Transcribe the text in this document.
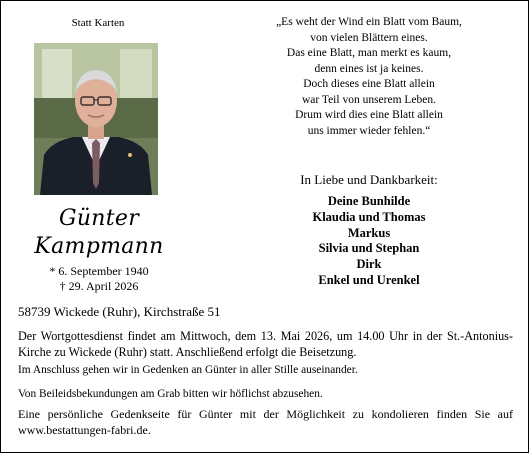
Statt Karten
Günter
Kampmann
* 6. September 1940
† 29. April 2026
„Es weht der Wind ein Blatt vom Baum,
von vielen Blättern eines.
Das eine Blatt, man merkt es kaum,
denn eines ist ja keines.
Doch dieses eine Blatt allein
war Teil von unserem Leben.
Drum wird dies eine Blatt allein
uns immer wieder fehlen.“
In Liebe und Dankbarkeit:
Deine Bunhilde
Klaudia und Thomas
Markus
Silvia und Stephan
Dirk
Enkel und Urenkel
58739 Wickede (Ruhr), Kirchstraße 51
Der Wortgottesdienst findet am Mittwoch, dem 13. Mai 2026, um 14.00 Uhr in der St.-Antonius-Kirche zu Wickede (Ruhr) statt. Anschließend erfolgt die Beisetzung.
Im Anschluss gehen wir in Gedenken an Günter in aller Stille auseinander.
Von Beileidsbekundungen am Grab bitten wir höflichst abzusehen.
Eine persönliche Gedenkseite für Günter mit der Möglichkeit zu kondolieren finden Sie auf www.bestattungen-fabri.de.
